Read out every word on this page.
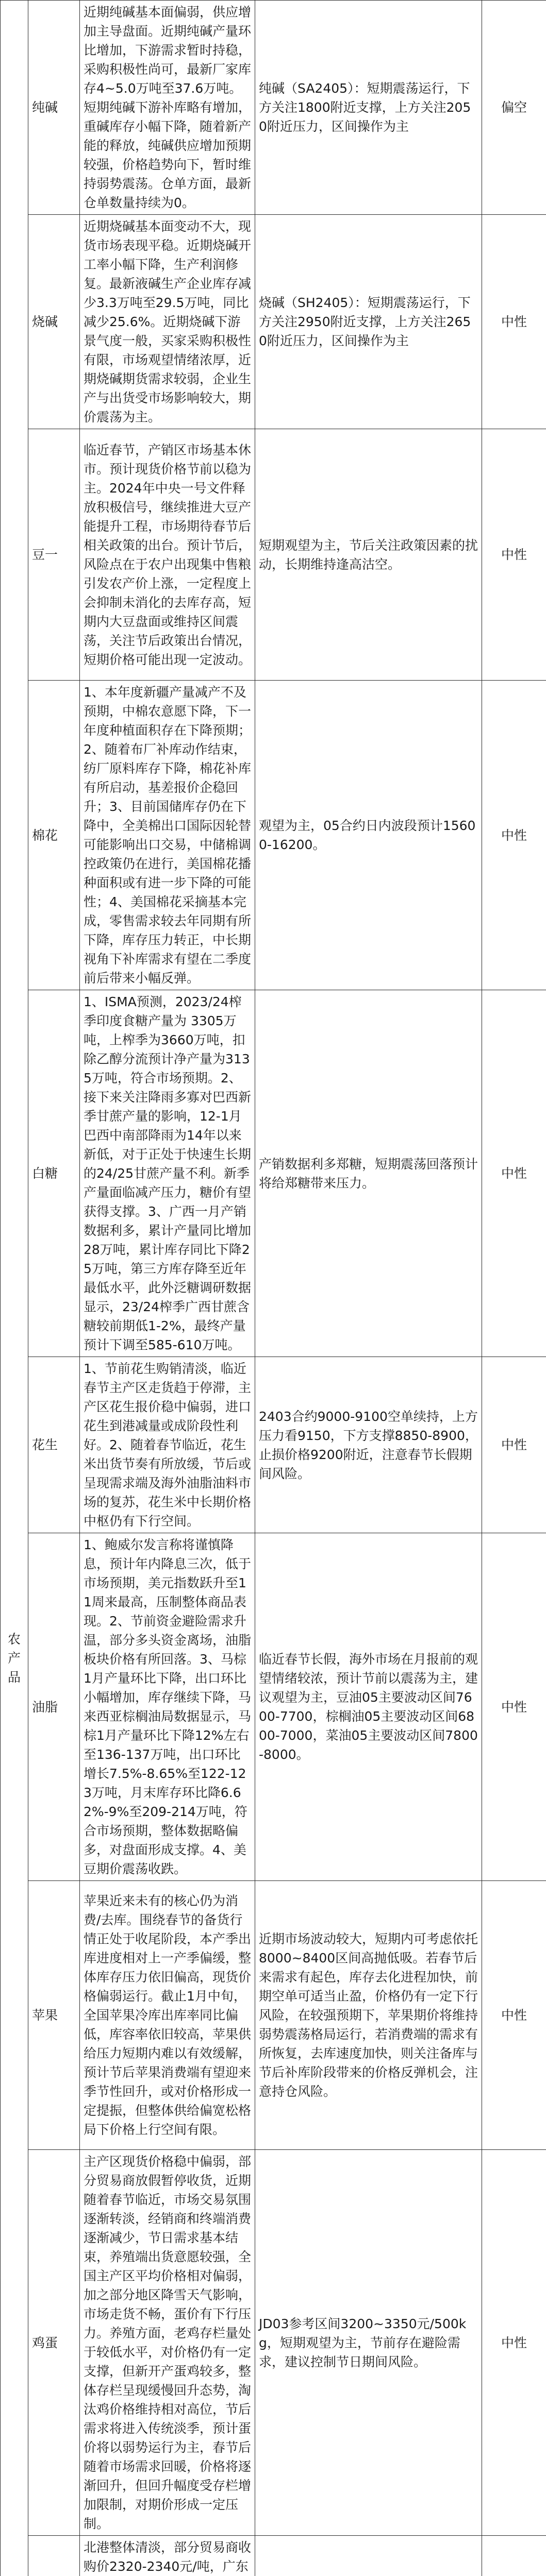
农产品	纯碱	近期纯碱基本面偏弱，供应增加主导盘面。近期纯碱产量环比增加，下游需求暂时持稳，采购积极性尚可，最新厂家库存4~5.0万吨至37.6万吨。短期纯碱下游补库略有增加，重碱库存小幅下降，随着新产能的释放，纯碱供应增加预期较强，价格趋势向下，暂时维持弱势震荡。仓单方面，最新仓单数量持续为0。	纯碱（SA2405）：短期震荡运行，下方关注1800附近支撑，上方关注2050附近压力，区间操作为主	偏空
	烧碱	近期烧碱基本面变动不大，现货市场表现平稳。近期烧碱开工率小幅下降，生产利润修复。最新液碱生产企业库存减少3.3万吨至29.5万吨，同比减少25.6%。近期烧碱下游景气度一般，买家采购积极性有限，市场观望情绪浓厚，近期烧碱期货需求较弱，企业生产与出货受市场影响较大，期价震荡为主。	烧碱（SH2405）：短期震荡运行，下方关注2950附近支撑，上方关注2650附近压力，区间操作为主	中性
	豆一	临近春节，产销区市场基本休市。预计现货价格节前以稳为主。2024年中央一号文件释放积极信号，继续推进大豆产能提升工程，市场期待春节后相关政策的出台。预计节后，风险点在于农户出现集中售粮引发农产价上涨，一定程度上会抑制未消化的去库存高，短期内大豆盘面或维持区间震荡，关注节后政策出台情况，短期价格可能出现一定波动。	短期观望为主，节后关注政策因素的扰动，长期维持逢高沽空。	中性
	棉花	1、本年度新疆产量减产不及预期，中棉农意愿下降，下一年度种植面积存在下降预期；2、随着布厂补库动作结束，纺厂原料库存下降，棉花补库有所启动，基差报价企稳回升；3、目前国储库存仍在下降中，全美棉出口国际因轮替可能影响出口交易，中储棉调控政策仍在进行，美国棉花播种面积或有进一步下降的可能性；4、美国棉花采摘基本完成，零售需求较去年同期有所下降，库存压力转正，中长期视角下补库需求有望在二季度前后带来小幅反弹。	观望为主，05合约日内波段预计15600-16200。	中性
	白糖	1、ISMA预测，2023/24榨季印度食糖产量为 3305万吨，上榨季为3660万吨，扣除乙醇分流预计净产量为3135万吨，符合市场预期。2、接下来关注降雨多寡对巴西新季甘蔗产量的影响，12-1月巴西中南部降雨为14年以来新低，对于正处于快速生长期的24/25甘蔗产量不利。新季产量面临减产压力，糖价有望获得支撑。3、广西一月产销数据利多，累计产量同比增加28万吨，累计库存同比下降25万吨，第三方库存降至近年最低水平，此外泛糖调研数据显示，23/24榨季广西甘蔗含糖较前期低1-2%，最终产量预计下调至585-610万吨。	产销数据利多郑糖，短期震荡回落预计将给郑糖带来压力。	中性
	花生	1、节前花生购销清淡，临近春节主产区走货趋于停滞，主产区花生报价稳中偏弱，进口花生到港减量或成阶段性利好。2、随着春节临近，花生米出货节奏有所放缓，节后或呈现需求端及海外油脂油料市场的复苏，花生米中长期价格中枢仍有下行空间。	2403合约9000-9100空单续持，上方压力看9150，下方支撑8850-8900，止损价格9200附近，注意春节长假期间风险。	中性
	油脂	1、鲍威尔发言称将谨慎降息，预计年内降息三次，低于市场预期，美元指数跃升至11周来最高，压制整体商品表现。2、节前资金避险需求升温，部分多头资金离场，油脂板块价格有所回落。3、马棕1月产量环比下降，出口环比小幅增加，库存继续下降，马来西亚棕榈油局数据显示，马棕1月产量环比下降12%左右至136-137万吨，出口环比增长7.5%-8.65%至122-123万吨，月末库存环比降6.62%-9%至209-214万吨，符合市场预期，整体数据略偏多，对盘面形成支撑。4、美豆期价震荡收跌。	临近春节长假，海外市场在月报前的观望情绪较浓，预计节前以震荡为主，建议观望为主，豆油05主要波动区间7600-7700，棕榈油05主要波动区间6800-7000，菜油05主要波动区间7800-8000。	中性
	苹果	苹果近来未有的核心仍为消费/去库。围绕春节的备货行情正处于收尾阶段，本产季出库进度相对上一产季偏缓，整体库存压力依旧偏高，现货价格偏弱运行。截止1月中旬，全国苹果冷库出库率同比偏低，库容率依旧较高，苹果供给压力短期内难以有效缓解，预计节后苹果消费端有望迎来季节性回升，或对价格形成一定提振，但整体供给偏宽松格局下价格上行空间有限。	近期市场波动较大，短期内可考虑依托8000~8400区间高抛低吸。若春节后来需求有起色，库存去化进程加快，前期空单可适当止盈，价格仍有一定下行风险，在较强预期下，苹果期价将维持弱势震荡格局运行，若消费端的需求有所恢复，去库速度加快，则关注备库与节后补库阶段带来的价格反弹机会，注意持仓风险。	中性
	鸡蛋	主产区现货价格稳中偏弱，部分贸易商放假暂停收货，近期随着春节临近，市场交易氛围逐渐转淡，经销商和终端消费逐渐减少，节日需求基本结束，养殖端出货意愿较强，全国主产区平均价格相对偏弱，加之部分地区降雪天气影响，市场走货不畅，蛋价有下行压力。养殖方面，老鸡存栏量处于较低水平，对价格仍有一定支撑，但新开产蛋鸡较多，整体存栏呈现缓慢回升态势，淘汰鸡价格维持相对高位，节后需求将进入传统淡季，预计蛋价将以弱势运行为主，春节后随着市场需求回暖，价格将逐渐回升，但回升幅度受存栏增加限制，对期价形成一定压制。	JD03参考区间3200~3350元/500kg，短期观望为主，节前存在避险需求，建议控制节日期间风险。	中性
	北港整体清淡，部分贸易商收购价2320-2340元/吨，广东		
